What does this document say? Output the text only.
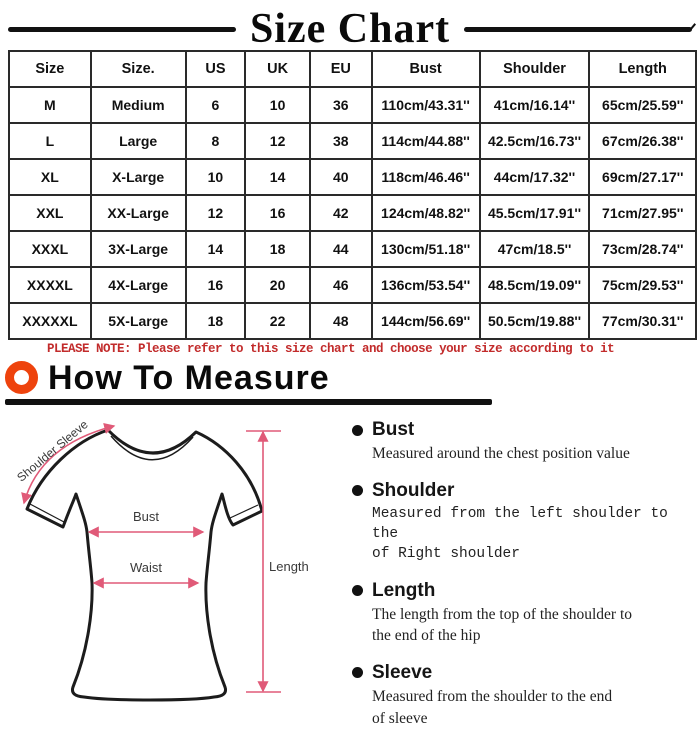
Size Chart
Size	Size.	US	UK	EU	Bust	Shoulder	Length
M	Medium	6	10	36	110cm/43.31''	41cm/16.14''	65cm/25.59''
L	Large	8	12	38	114cm/44.88''	42.5cm/16.73''	67cm/26.38''
XL	X-Large	10	14	40	118cm/46.46''	44cm/17.32''	69cm/27.17''
XXL	XX-Large	12	16	42	124cm/48.82''	45.5cm/17.91''	71cm/27.95''
XXXL	3X-Large	14	18	44	130cm/51.18''	47cm/18.5''	73cm/28.74''
XXXXL	4X-Large	16	20	46	136cm/53.54''	48.5cm/19.09''	75cm/29.53''
XXXXXL	5X-Large	18	22	48	144cm/56.69''	50.5cm/19.88''	77cm/30.31''
PLEASE NOTE: Please refer to this size chart and choose your size according to it
How To Measure
Bust
Waist	Length
Shoulder Sleeve	Bust
Measured around the chest position value
Shoulder
Measured from the left shoulder to the
of Right shoulder
Length
The length from the top of the shoulder to
the end of the hip
Sleeve
Measured from the shoulder to the end
of sleeve
